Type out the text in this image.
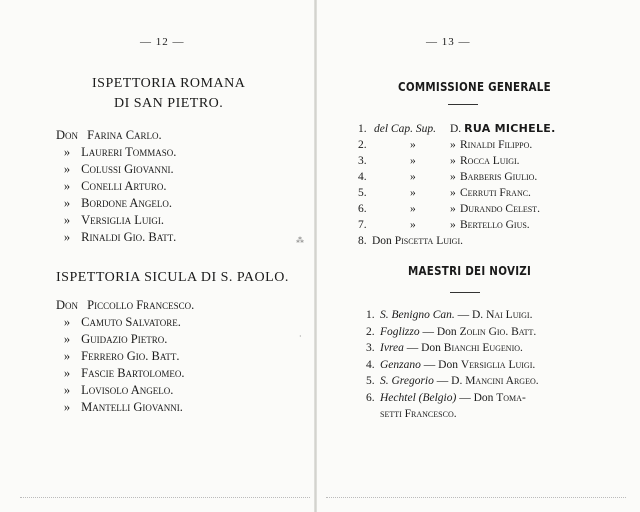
— 12 —
ISPETTORIA ROMANA
DI SAN PIETRO.
Don Farina Carlo.
» Laureri Tommaso.
» Colussi Giovanni.
» Conelli Arturo.
» Bordone Angelo.
» Versiglia Luigi.
» Rinaldi Gio. Batt.
ISPETTORIA SICULA DI S. PAOLO.
Don Piccollo Francesco.
» Camuto Salvatore.
» Guidazio Pietro.
» Ferrero Gio. Batt.
» Fascie Bartolomeo.
» Lovisolo Angelo.
» Mantelli Giovanni.
⁂
·
— 13 —
COMMISSIONE GENERALE
1. del Cap. Sup. D. RUA MICHELE.
2.	»	» Rinaldi Filippo.
3.	»	» Rocca Luigi.
4.	»	» Barberis Giulio.
5.	»	» Cerruti Franc.
6.	»	» Durando Celest.
7.	»	» Bertello Gius.
8. Don Piscetta Luigi.
MAESTRI DEI NOVIZI
1. S. Benigno Can. — D. Nai Luigi.
2. Foglizzo — Don Zolin Gio. Batt.
3. Ivrea — Don Bianchi Eugenio.
4. Genzano — Don Versiglia Luigi.
5. S. Gregorio — D. Mancini Argeo.
6. Hechtel (Belgio) — Don Toma-
setti Francesco.
